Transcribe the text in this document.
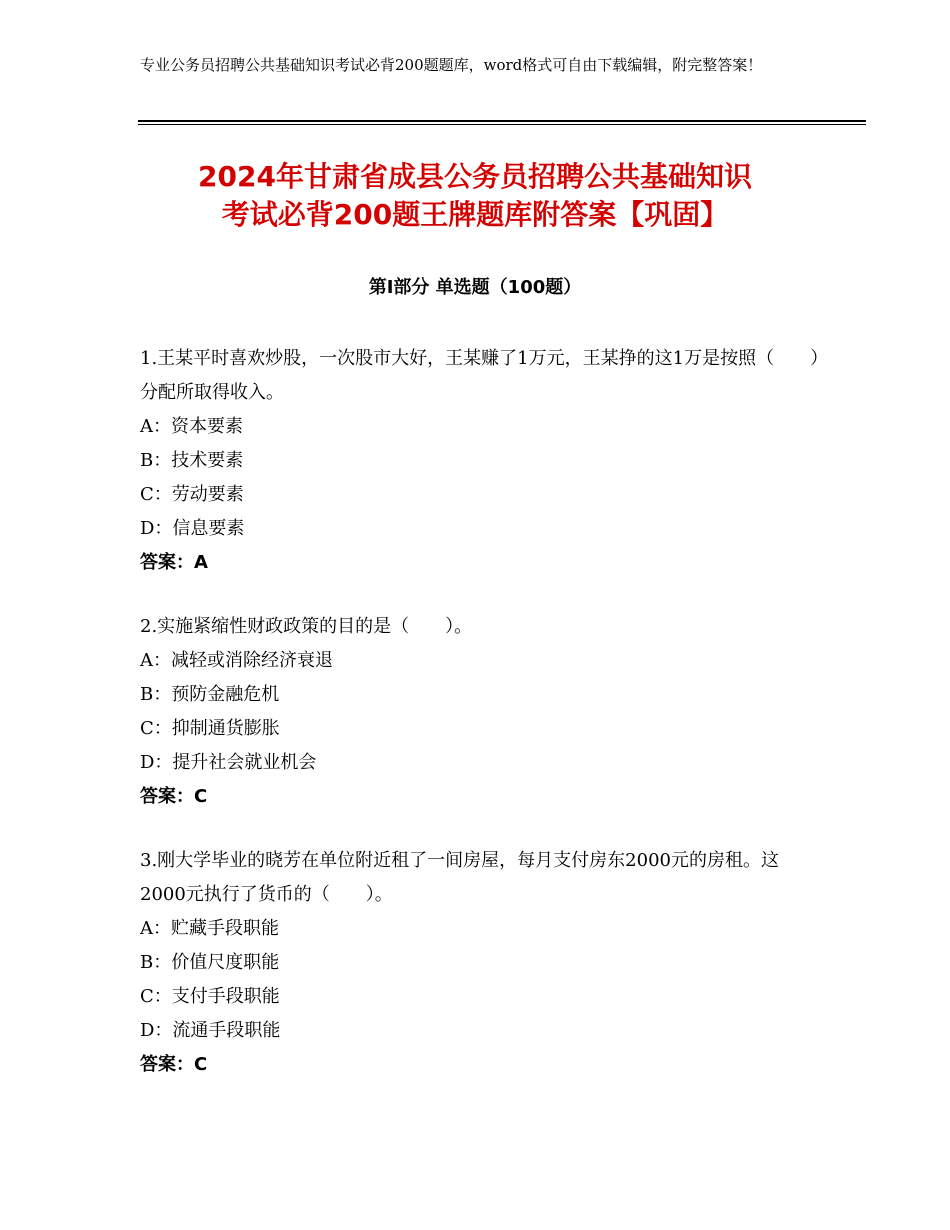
专业公务员招聘公共基础知识考试必背200题题库，word格式可自由下载编辑，附完整答案！
2024年甘肃省成县公务员招聘公共基础知识
考试必背200题王牌题库附答案【巩固】
第Ⅰ部分 单选题（100题）
1.王某平时喜欢炒股，一次股市大好，王某赚了1万元，王某挣的这1万是按照（　　）分配所取得收入。
A：资本要素
B：技术要素
C：劳动要素
D：信息要素
答案：A
2.实施紧缩性财政政策的目的是（　　）。
A：减轻或消除经济衰退
B：预防金融危机
C：抑制通货膨胀
D：提升社会就业机会
答案：C
3.刚大学毕业的晓芳在单位附近租了一间房屋，每月支付房东2000元的房租。这2000元执行了货币的（　　）。
A：贮藏手段职能
B：价值尺度职能
C：支付手段职能
D：流通手段职能
答案：C
